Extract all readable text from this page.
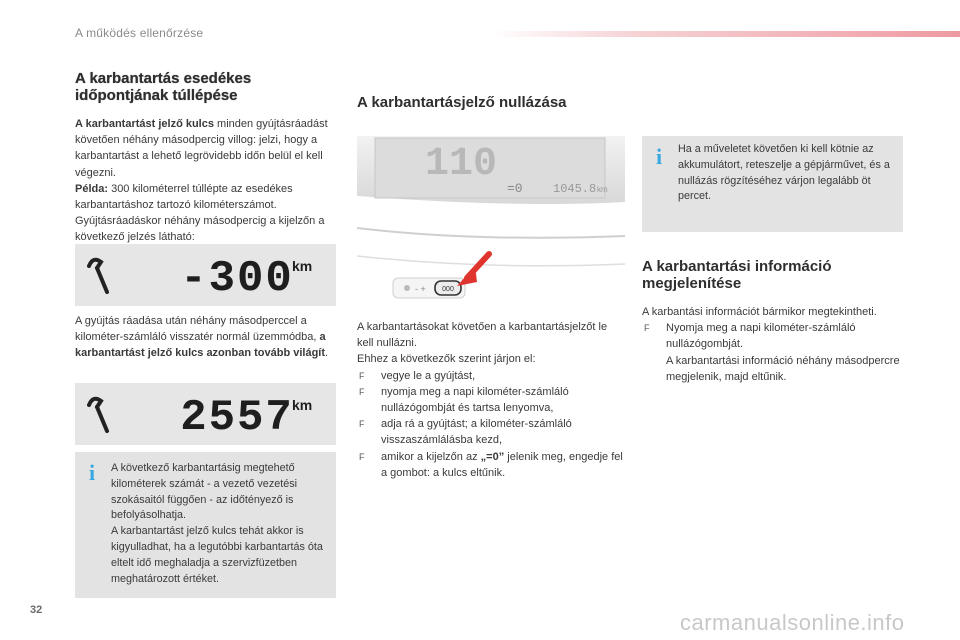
A működés ellenőrzése
A karbantartás esedékes
időpontjának túllépése
A karbantartást jelző kulcs minden gyújtásráadást követően néhány másodpercig villog: jelzi, hogy a karbantartást a lehető legrövidebb időn belül el kell végezni.
Példa: 300 kilométerrel túllépte az esedékes karbantartáshoz tartozó kilométerszámot.
Gyújtásráadáskor néhány másodpercig a kijelzőn a következő jelzés látható:
-300
km
A gyújtás ráadása után néhány másodperccel a kilométer-számláló visszatér normál üzemmódba, a karbantartást jelző kulcs azonban tovább világít.
2557
km
i A következő karbantartásig megtehető kilométerek számát - a vezető vezetési szokásaitól függően - az időtényező is befolyásolhatja.
A karbantartást jelző kulcs tehát akkor is kigyulladhat, ha a legutóbbi karbantartás óta eltelt idő meghaladja a szervizfüzetben meghatározott értéket.
A karbantartásjelző nullázása
110
=0	1045.8 km
- + 000
A karbantartásokat követően a karbantartásjelzőt le kell nullázni.
Ehhez a következők szerint járjon el:
F vegye le a gyújtást,
F nyomja meg a napi kilométer-számláló nullázógombját és tartsa lenyomva,
F adja rá a gyújtást; a kilométer-számláló visszaszámlálásba kezd,
F amikor a kijelzőn az „=0” jelenik meg, engedje fel a gombot: a kulcs eltűnik.
i Ha a műveletet követően ki kell kötnie az akkumulátort, reteszelje a gépjárművet, és a nullázás rögzítéséhez várjon legalább öt percet.
A karbantartási információ
megjelenítése
A karbantási információt bármikor megtekintheti.
F Nyomja meg a napi kilométer-számláló nullázógombját.
A karbantartási információ néhány másodpercre megjelenik, majd eltűnik.
32	carmanualsonline.info
